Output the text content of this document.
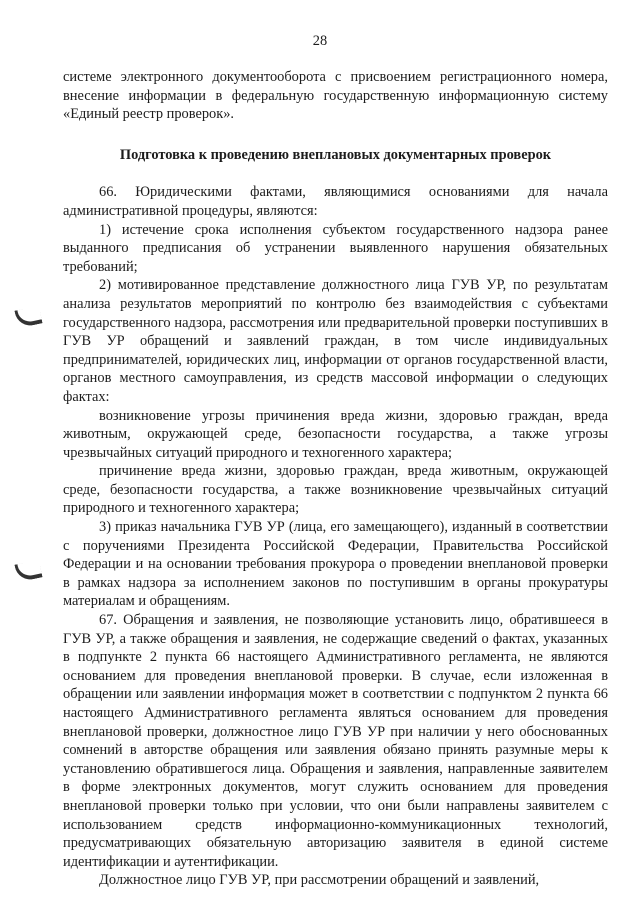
28

системе электронного документооборота с присвоением регистрационного номера, внесение информации в федеральную государственную информационную систему «Единый реестр проверок».

Подготовка к проведению внеплановых документарных проверок

66. Юридическими фактами, являющимися основаниями для начала административной процедуры, являются:

1) истечение срока исполнения субъектом государственного надзора ранее выданного предписания об устранении выявленного нарушения обязательных требований;

2) мотивированное представление должностного лица ГУВ УР, по результатам анализа результатов мероприятий по контролю без взаимодействия с субъектами государственного надзора, рассмотрения или предварительной проверки поступивших в ГУВ УР обращений и заявлений граждан, в том числе индивидуальных предпринимателей, юридических лиц, информации от органов государственной власти, органов местного самоуправления, из средств массовой информации о следующих фактах:

возникновение угрозы причинения вреда жизни, здоровью граждан, вреда животным, окружающей среде, безопасности государства, а также угрозы чрезвычайных ситуаций природного и техногенного характера;

причинение вреда жизни, здоровью граждан, вреда животным, окружающей среде, безопасности государства, а также возникновение чрезвычайных ситуаций природного и техногенного характера;

3) приказ начальника ГУВ УР (лица, его замещающего), изданный в соответствии с поручениями Президента Российской Федерации, Правительства Российской Федерации и на основании требования прокурора о проведении внеплановой проверки в рамках надзора за исполнением законов по поступившим в органы прокуратуры материалам и обращениям.

67. Обращения и заявления, не позволяющие установить лицо, обратившееся в ГУВ УР, а также обращения и заявления, не содержащие сведений о фактах, указанных в подпункте 2 пункта 66 настоящего Административного регламента, не являются основанием для проведения внеплановой проверки. В случае, если изложенная в обращении или заявлении информация может в соответствии с подпунктом 2 пункта 66 настоящего Административного регламента являться основанием для проведения внеплановой проверки, должностное лицо ГУВ УР при наличии у него обоснованных сомнений в авторстве обращения или заявления обязано принять разумные меры к установлению обратившегося лица. Обращения и заявления, направленные заявителем в форме электронных документов, могут служить основанием для проведения внеплановой проверки только при условии, что они были направлены заявителем с использованием средств информационно-коммуникационных технологий, предусматривающих обязательную авторизацию заявителя в единой системе идентификации и аутентификации.

Должностное лицо ГУВ УР, при рассмотрении обращений и заявлений,
